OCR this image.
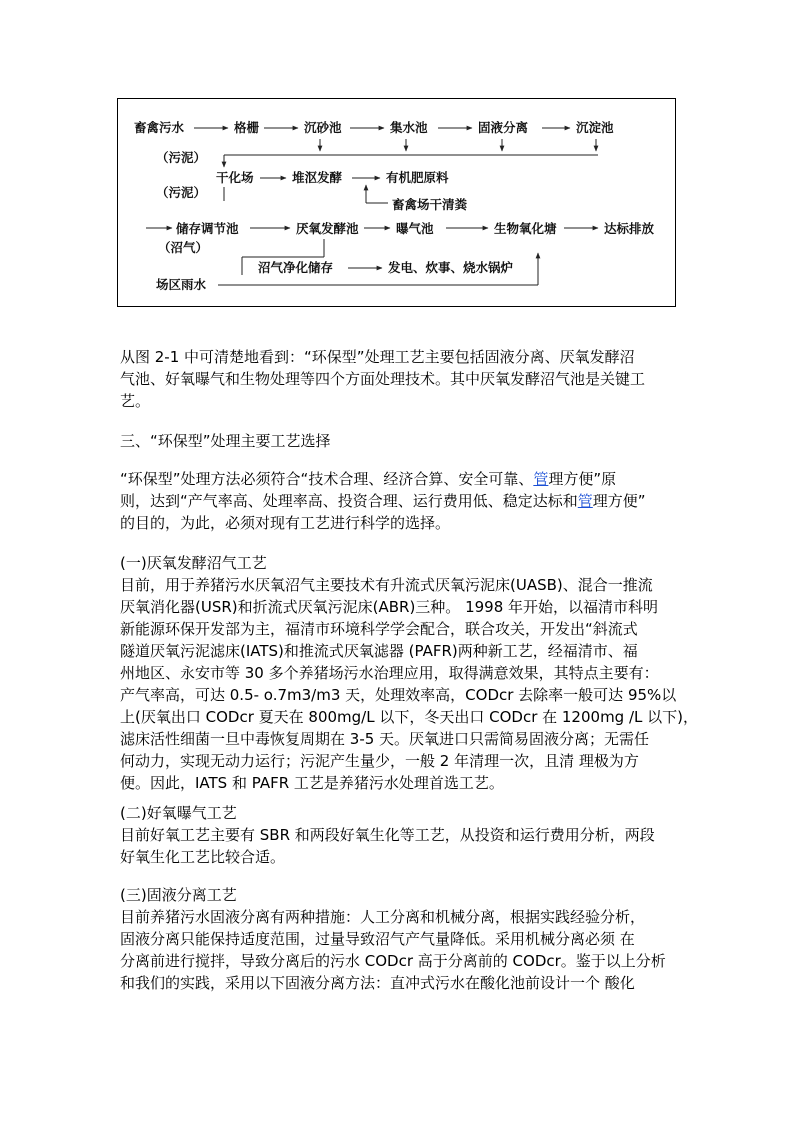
畜禽污水	格栅	沉砂池	集水池	固液分离	沉淀池
（污泥）
干化场	堆沤发酵	有机肥原料
（污泥）
畜禽场干清粪
储存调节池	厌氧发酵池	曝气池	生物氧化塘	达标排放
（沼气）
沼气净化储存	发电、炊事、烧水锅炉
场区雨水

从图 2-1 中可清楚地看到：“环保型”处理工艺主要包括固液分离、厌氧发酵沼

气池、好氧曝气和生物处理等四个方面处理技术。其中厌氧发酵沼气池是关键工

艺。

三、“环保型”处理主要工艺选择

“环保型”处理方法必须符合“技术合理、经济合算、安全可靠、管理方便”原

则，达到“产气率高、处理率高、投资合理、运行费用低、稳定达标和管理方便”

的目的，为此，必须对现有工艺进行科学的选择。

(一)厌氧发酵沼气工艺

目前，用于养猪污水厌氧沼气主要技术有升流式厌氧污泥床(UASB)、混合一推流

厌氧消化器(USR)和折流式厌氧污泥床(ABR)三种。 1998 年开始，以福清市科明

新能源环保开发部为主，福清市环境科学学会配合，联合攻关，开发出“斜流式

隧道厌氧污泥滤床(IATS)和推流式厌氧滤器 (PAFR)两种新工艺，经福清市、福

州地区、永安市等 30 多个养猪场污水治理应用，取得满意效果，其特点主要有：

产气率高，可达 0.5- o.7m3/m3 天，处理效率高，CODcr 去除率一般可达 95%以

上(厌氧出口 CODcr 夏天在 800mg/L 以下，冬天出口 CODcr 在 1200mg /L 以下)，

滤床活性细菌一旦中毒恢复周期在 3-5 天。厌氧进口只需简易固液分离；无需任

何动力，实现无动力运行；污泥产生量少，一般 2 年清理一次，且清 理极为方

便。因此，IATS 和 PAFR 工艺是养猪污水处理首选工艺。

(二)好氧曝气工艺

目前好氧工艺主要有 SBR 和两段好氧生化等工艺，从投资和运行费用分析，两段

好氧生化工艺比较合适。

(三)固液分离工艺

目前养猪污水固液分离有两种措施：人工分离和机械分离，根据实践经验分析，

固液分离只能保持适度范围，过量导致沼气产气量降低。采用机械分离必须 在

分离前进行搅拌，导致分离后的污水 CODcr 高于分离前的 CODcr。鉴于以上分析

和我们的实践，采用以下固液分离方法：直冲式污水在酸化池前设计一个 酸化
